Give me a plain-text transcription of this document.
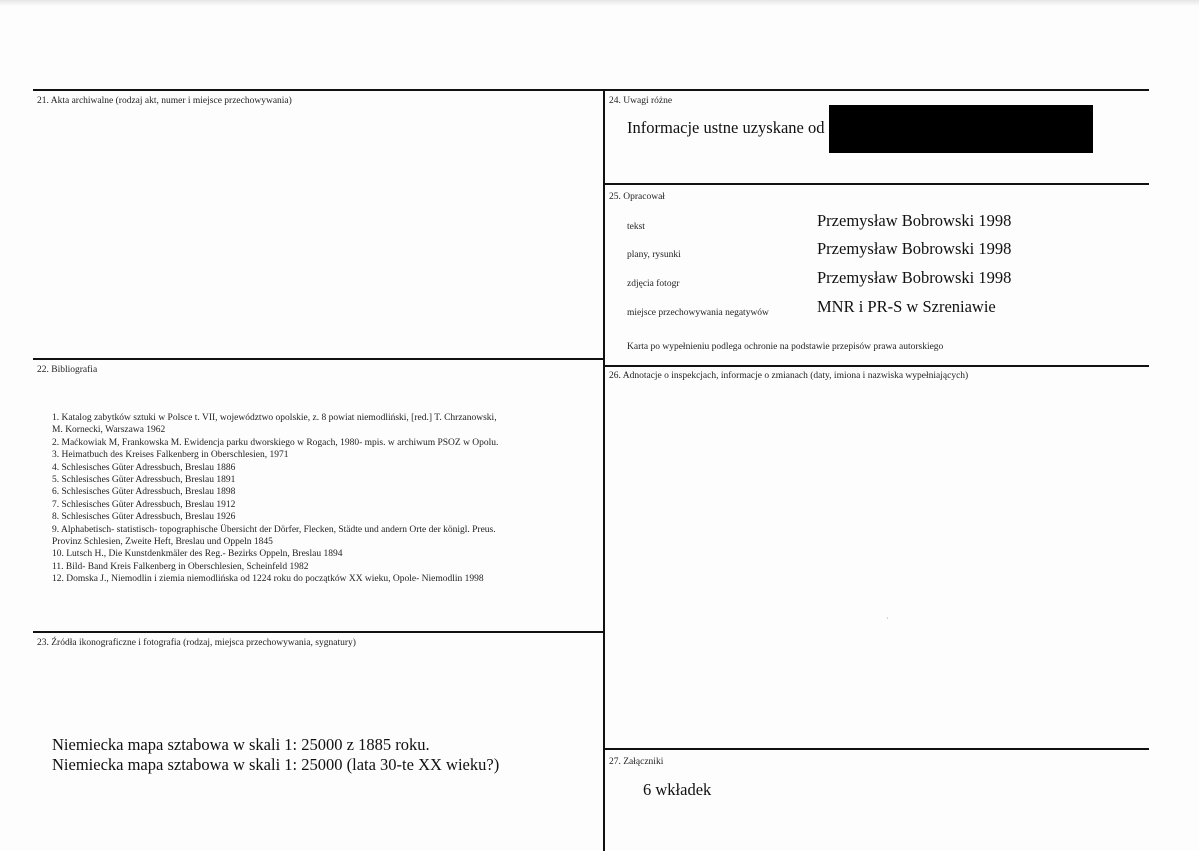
21. Akta archiwalne (rodzaj akt, numer i miejsce przechowywania)
22. Bibliografia
1. Katalog zabytków sztuki w Polsce t. VII, województwo opolskie, z. 8 powiat niemodliński, [red.] T. Chrzanowski,
M. Kornecki, Warszawa 1962
2. Maćkowiak M, Frankowska M. Ewidencja parku dworskiego w Rogach, 1980- mpis. w archiwum PSOZ w Opolu.
3. Heimatbuch des Kreises Falkenberg in Oberschlesien, 1971
4. Schlesisches Güter Adressbuch, Breslau 1886
5. Schlesisches Güter Adressbuch, Breslau 1891
6. Schlesisches Güter Adressbuch, Breslau 1898
7. Schlesisches Güter Adressbuch, Breslau 1912
8. Schlesisches Güter Adressbuch, Breslau 1926
9. Alphabetisch- statistisch- topographische Übersicht der Dörfer, Flecken, Städte und andern Orte der königl. Preus.
Provinz Schlesien, Zweite Heft, Breslau und Oppeln 1845
10. Lutsch H., Die Kunstdenkmäler des Reg.- Bezirks Oppeln, Breslau 1894
11. Bild- Band Kreis Falkenberg in Oberschlesien, Scheinfeld 1982
12. Domska J., Niemodlin i ziemia niemodlińska od 1224 roku do początków XX wieku, Opole- Niemodlin 1998
23. Źródła ikonograficzne i fotografia (rodzaj, miejsca przechowywania, sygnatury)
Niemiecka mapa sztabowa w skali 1: 25000 z 1885 roku.
Niemiecka mapa sztabowa w skali 1: 25000 (lata 30-te XX wieku?)
24. Uwagi różne
Informacje ustne uzyskane od
25. Opracował
tekst	Przemysław Bobrowski 1998
plany, rysunki	Przemysław Bobrowski 1998
zdjęcia fotogr	Przemysław Bobrowski 1998
miejsce przechowywania negatywów	MNR i PR-S w Szreniawie
Karta po wypełnieniu podlega ochronie na podstawie przepisów prawa autorskiego
26. Adnotacje o inspekcjach, informacje o zmianach (daty, imiona i nazwiska wypełniających)
·
27. Załączniki
6 wkładek
